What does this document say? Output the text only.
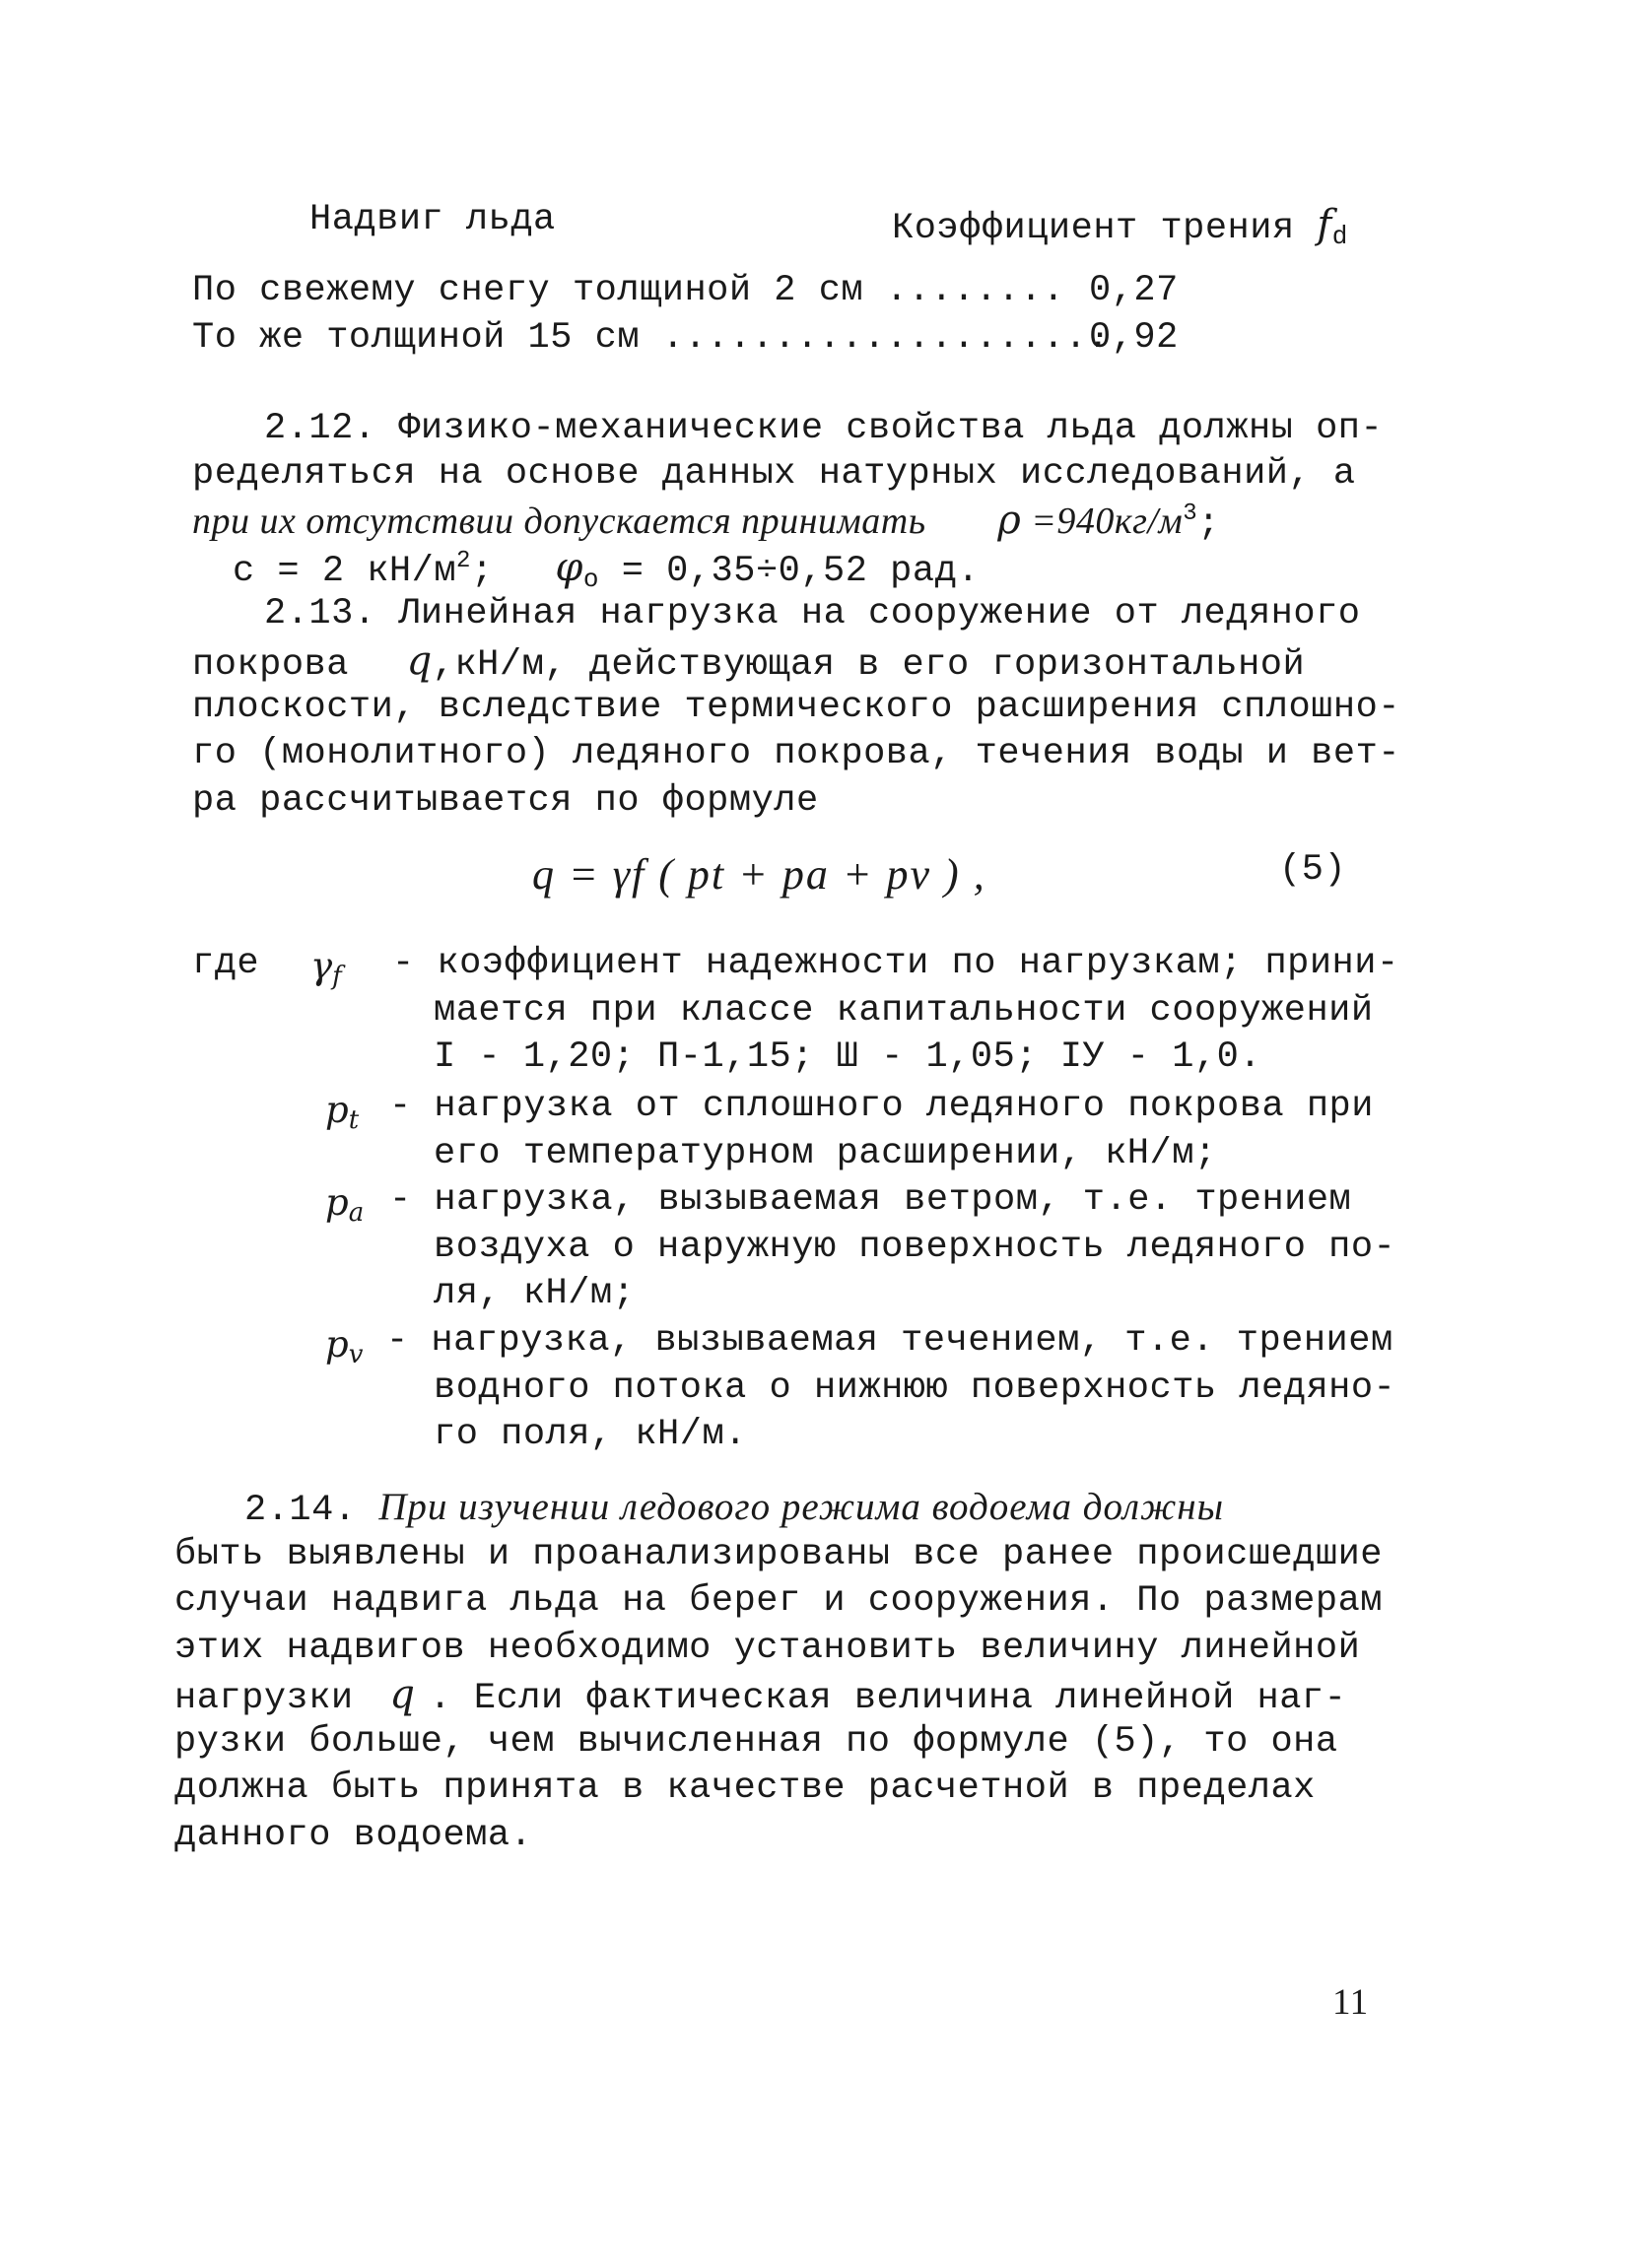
Надвиг льда	Коэффициент трения $f_d$
По свежему снегу толщиной 2 см ........ 0,27
То же толщиной 15 см ....................
0,92
2.12. Физико-механические свойства льда должны оп-
ределяться на основе данных натурных исследований, а
при их отсутствии допускается принимать $\rho =940кг/м^3$;
c = 2 $кН/м^2$; $\varphi_o = 0,35\div 0,52$ рад.
2.13. Линейная нагрузка на сооружение от ледяного
покрова q,кН/м, действующая в его горизонтальной
плоскости, вследствие термического расширения сплошно-
го (монолитного) ледяного покрова, течения воды и вет-
ра рассчитывается по формуле
q = γf ( pt + pa + pv ) ,	(5)
где $\gamma_f$ - коэффициент надежности по нагрузкам; прини-
мается при классе капитальности сооружений
I - 1,20; П-1,15; Ш - 1,05; IУ - 1,0.
$p_t$ - нагрузка от сплошного ледяного покрова при
его температурном расширении, кН/м;
$p_a$ - нагрузка, вызываемая ветром, т.е. трением
воздуха о наружную поверхность ледяного по-
ля, кН/м;
$p_v$ - нагрузка, вызываемая течением, т.е. трением
водного потока о нижнюю поверхность ледяно-
го поля, кН/м.
2.14. При изучении ледового режима водоема должны
быть выявлены и проанализированы все ранее происшедшие
случаи надвига льда на берег и сооружения. По размерам
этих надвигов необходимо установить величину линейной
нагрузки q . Если фактическая величина линейной наг-
рузки больше, чем вычисленная по формуле (5), то она
должна быть принята в качестве расчетной в пределах
данного водоема.
11
